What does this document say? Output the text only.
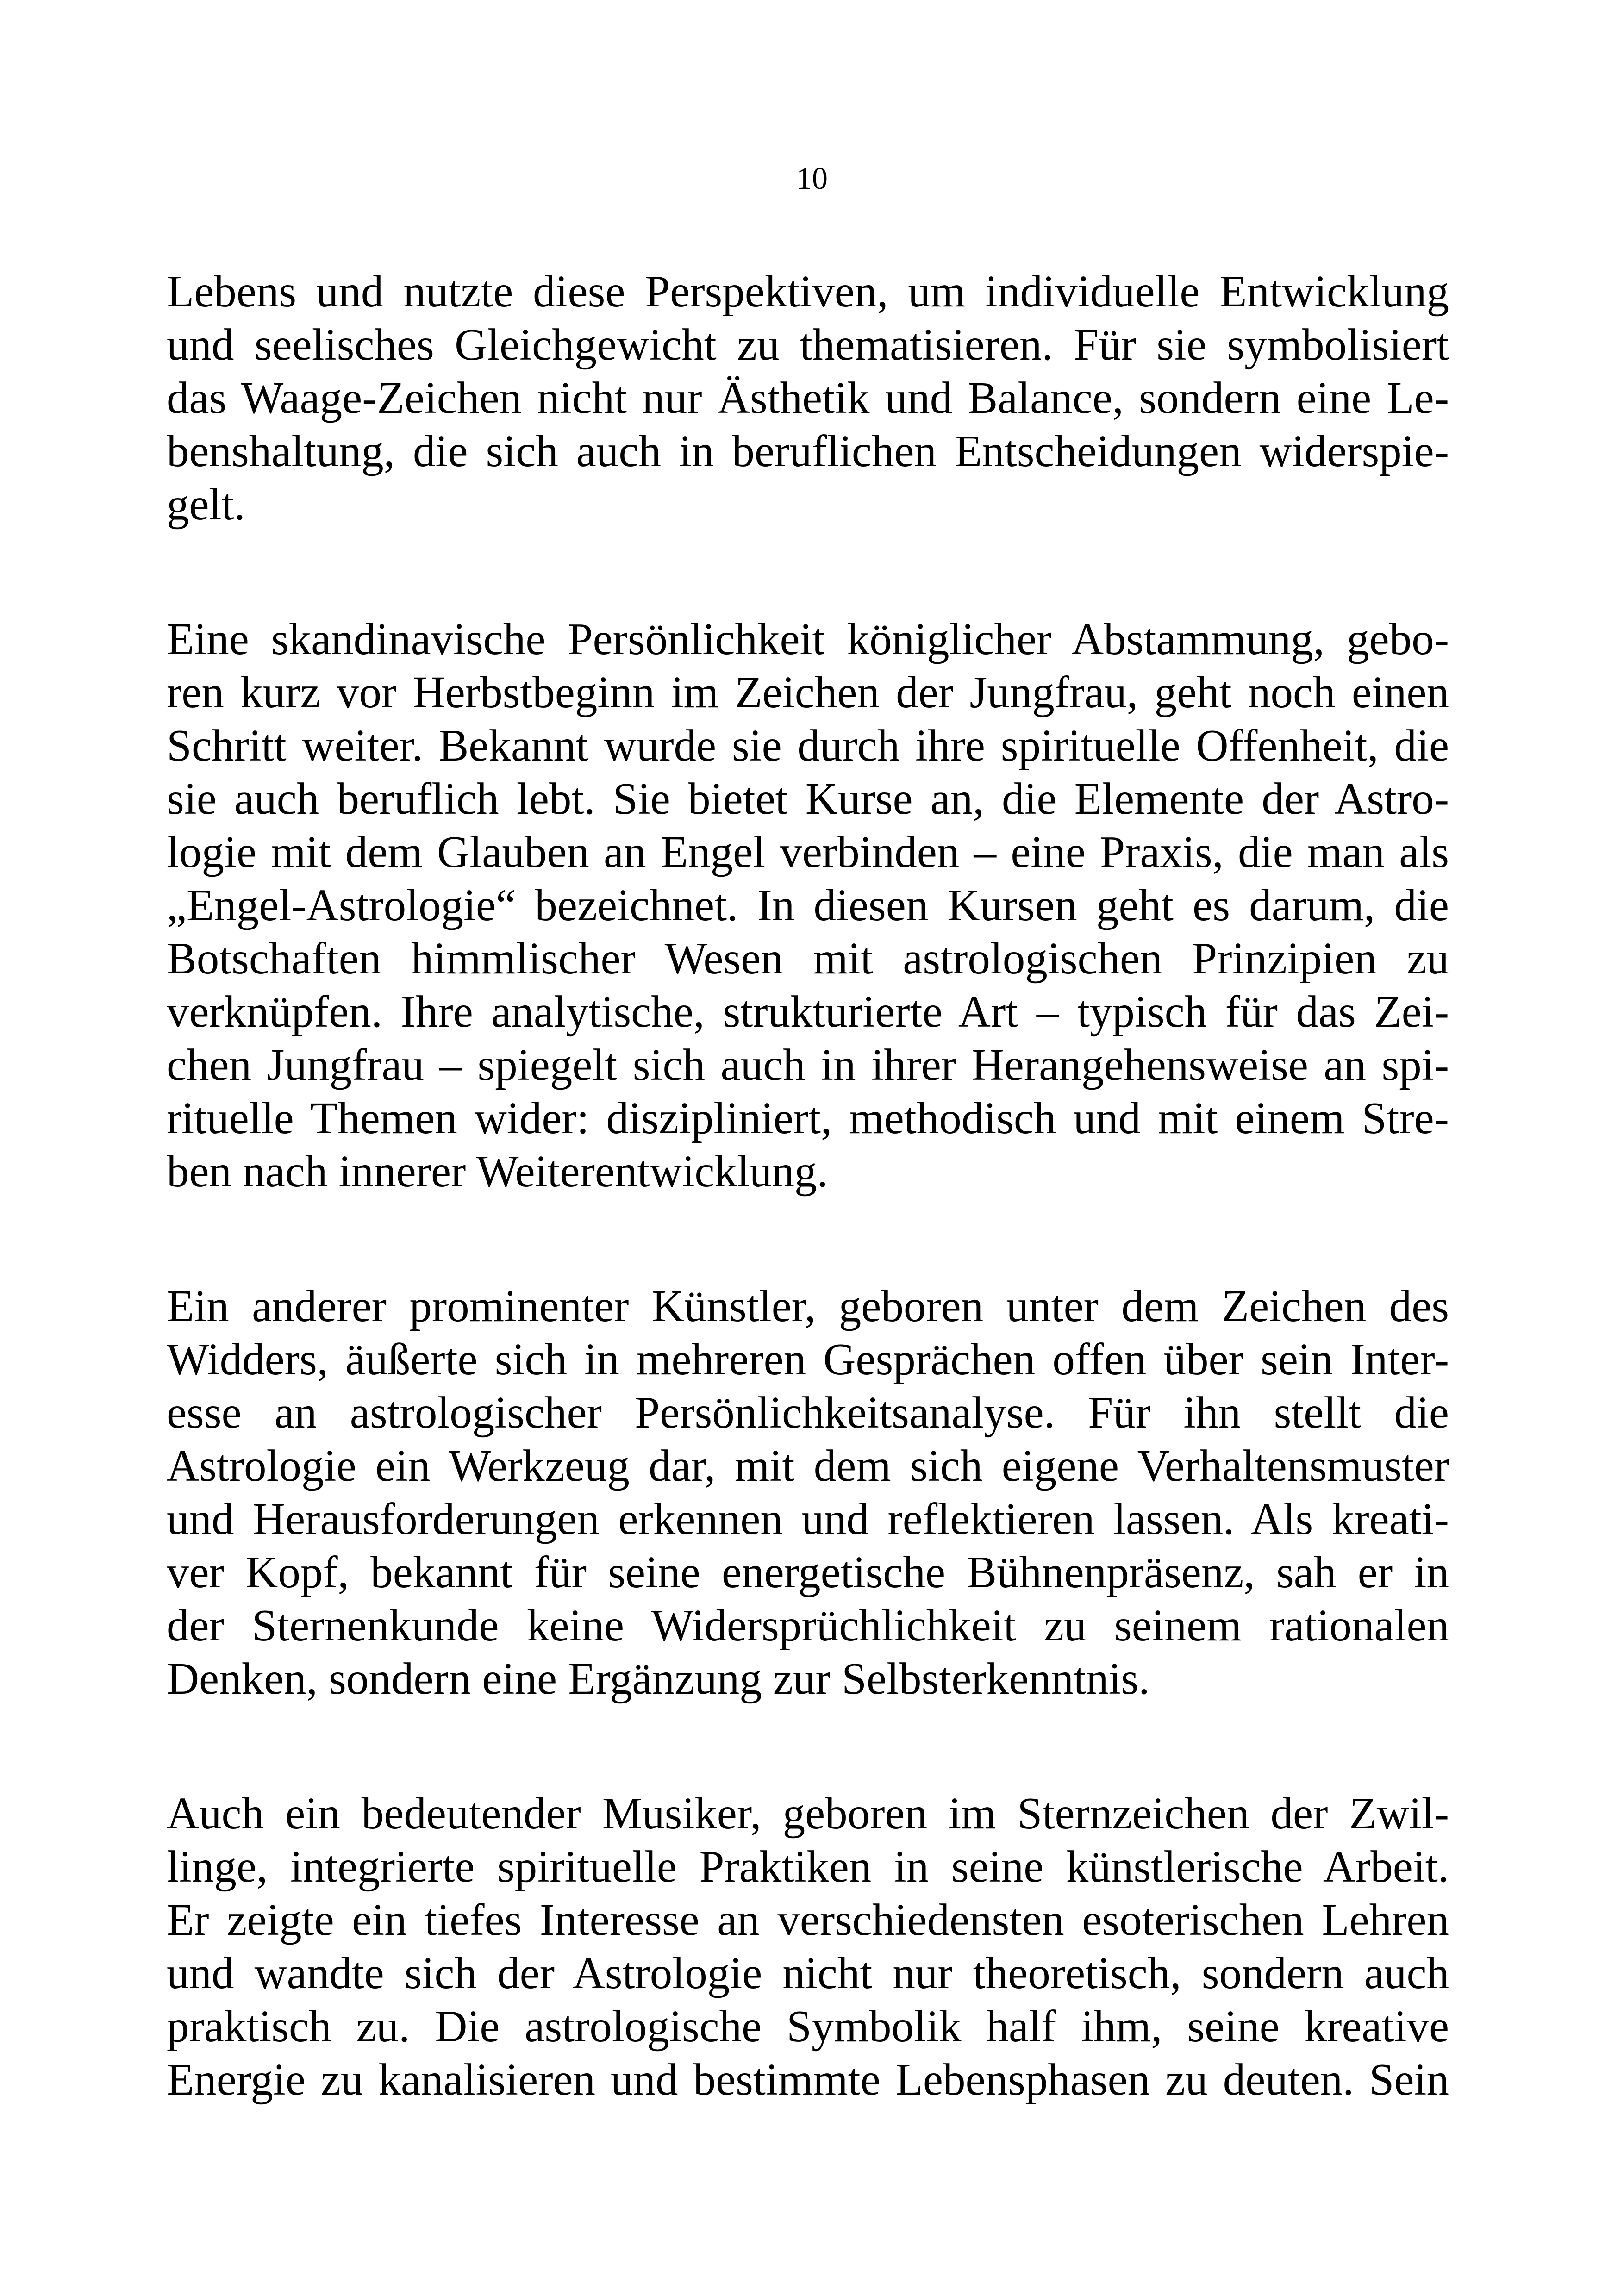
10
Lebens und nutzte diese Perspektiven, um individuelle Entwicklung
und seelisches Gleichgewicht zu thematisieren. Für sie symbolisiert
das Waage-Zeichen nicht nur Ästhetik und Balance, sondern eine Le-
benshaltung, die sich auch in beruflichen Entscheidungen widerspie-
gelt.
Eine skandinavische Persönlichkeit königlicher Abstammung, gebo-
ren kurz vor Herbstbeginn im Zeichen der Jungfrau, geht noch einen
Schritt weiter. Bekannt wurde sie durch ihre spirituelle Offenheit, die
sie auch beruflich lebt. Sie bietet Kurse an, die Elemente der Astro-
logie mit dem Glauben an Engel verbinden – eine Praxis, die man als
„Engel-Astrologie“ bezeichnet. In diesen Kursen geht es darum, die
Botschaften himmlischer Wesen mit astrologischen Prinzipien zu
verknüpfen. Ihre analytische, strukturierte Art – typisch für das Zei-
chen Jungfrau – spiegelt sich auch in ihrer Herangehensweise an spi-
rituelle Themen wider: diszipliniert, methodisch und mit einem Stre-
ben nach innerer Weiterentwicklung.
Ein anderer prominenter Künstler, geboren unter dem Zeichen des
Widders, äußerte sich in mehreren Gesprächen offen über sein Inter-
esse an astrologischer Persönlichkeitsanalyse. Für ihn stellt die
Astrologie ein Werkzeug dar, mit dem sich eigene Verhaltensmuster
und Herausforderungen erkennen und reflektieren lassen. Als kreati-
ver Kopf, bekannt für seine energetische Bühnenpräsenz, sah er in
der Sternenkunde keine Widersprüchlichkeit zu seinem rationalen
Denken, sondern eine Ergänzung zur Selbsterkenntnis.
Auch ein bedeutender Musiker, geboren im Sternzeichen der Zwil-
linge, integrierte spirituelle Praktiken in seine künstlerische Arbeit.
Er zeigte ein tiefes Interesse an verschiedensten esoterischen Lehren
und wandte sich der Astrologie nicht nur theoretisch, sondern auch
praktisch zu. Die astrologische Symbolik half ihm, seine kreative
Energie zu kanalisieren und bestimmte Lebensphasen zu deuten. Sein
